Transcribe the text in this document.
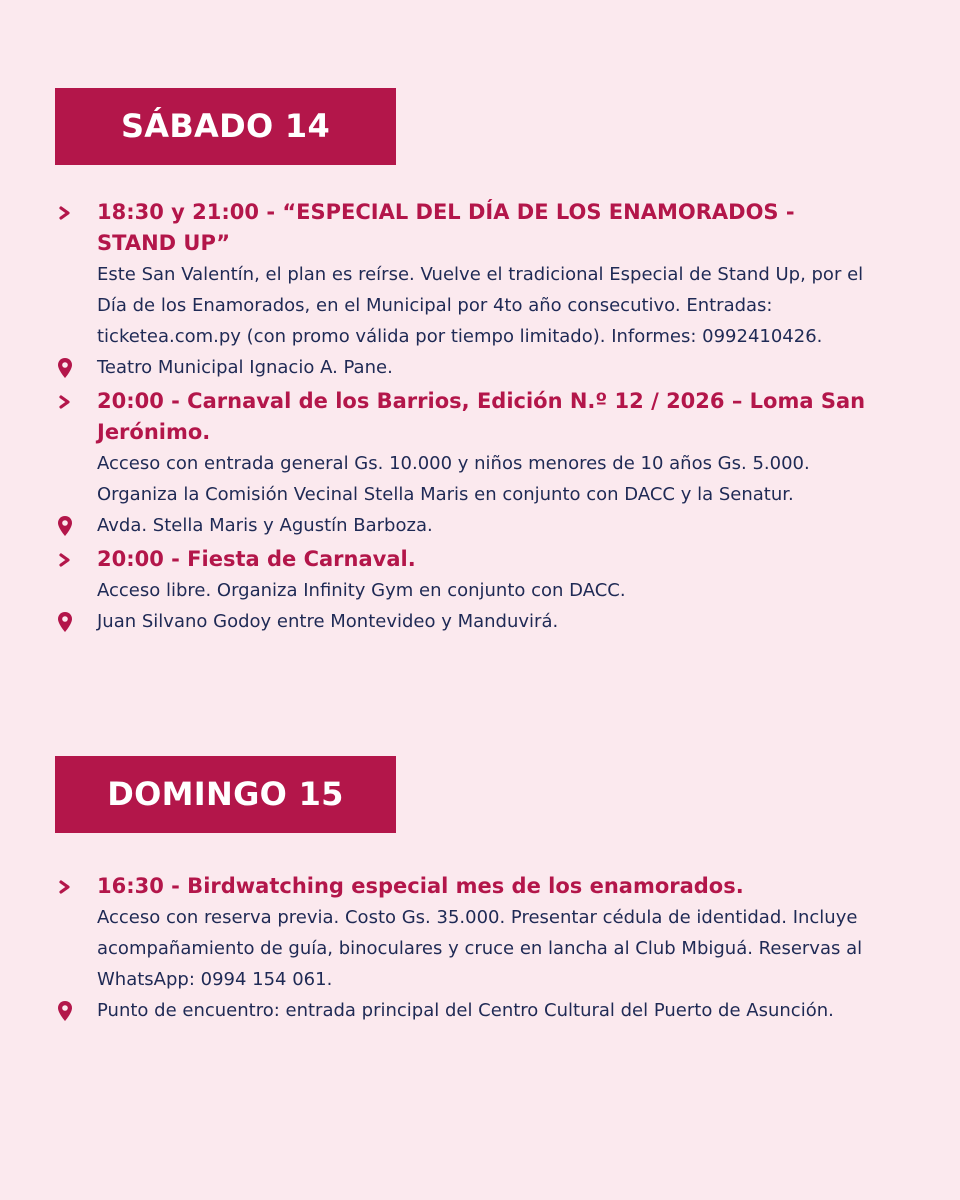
SÁBADO 14
18:30 y 21:00 - “ESPECIAL DEL DÍA DE LOS ENAMORADOS - STAND UP”
Este San Valentín, el plan es reírse. Vuelve el tradicional Especial de Stand Up, por el Día de los Enamorados, en el Municipal por 4to año consecutivo. Entradas: ticketea.com.py (con promo válida por tiempo limitado). Informes: 0992410426.
Teatro Municipal Ignacio A. Pane.
20:00 - Carnaval de los Barrios, Edición N.º 12 / 2026 – Loma San Jerónimo.
Acceso con entrada general Gs. 10.000 y niños menores de 10 años Gs. 5.000. Organiza la Comisión Vecinal Stella Maris en conjunto con DACC y la Senatur.
Avda. Stella Maris y Agustín Barboza.
20:00 - Fiesta de Carnaval.
Acceso libre. Organiza Infinity Gym en conjunto con DACC.
Juan Silvano Godoy entre Montevideo y Manduvirá.
DOMINGO 15
16:30 - Birdwatching especial mes de los enamorados.
Acceso con reserva previa. Costo Gs. 35.000. Presentar cédula de identidad. Incluye acompañamiento de guía, binoculares y cruce en lancha al Club Mbiguá. Reservas al WhatsApp: 0994 154 061.
Punto de encuentro: entrada principal del Centro Cultural del Puerto de Asunción.
